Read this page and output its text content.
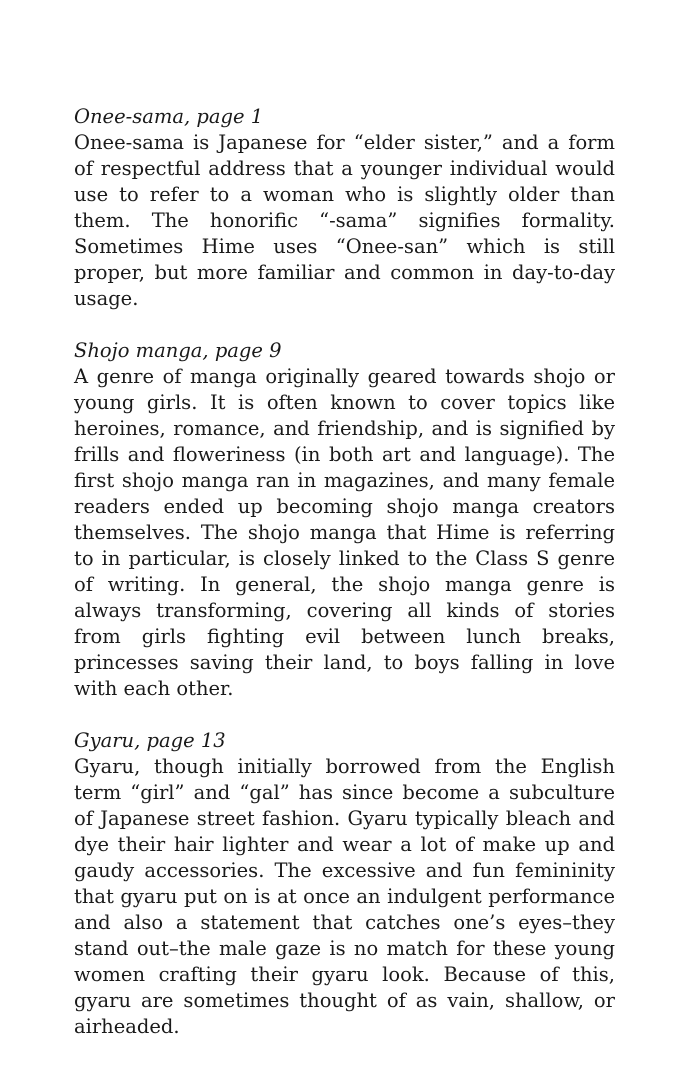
Onee-sama, page 1

Onee-sama is Japanese for “elder sister,” and a form of respectful address that a younger individual would use to refer to a woman who is slightly older than them. The honorific “-sama” signifies formality. Sometimes Hime uses “Onee-san” which is still proper, but more familiar and common in day-to-day usage.

Shojo manga, page 9

A genre of manga originally geared towards shojo or young girls. It is often known to cover topics like heroines, romance, and friendship, and is signified by frills and floweriness (in both art and language). The first shojo manga ran in magazines, and many female readers ended up becoming shojo manga creators themselves. The shojo manga that Hime is referring to in particular, is closely linked to the Class S genre of writing. In general, the shojo manga genre is always transforming, covering all kinds of stories from girls fighting evil between lunch breaks, princesses saving their land, to boys falling in love with each other.

Gyaru, page 13

Gyaru, though initially borrowed from the English term “girl” and “gal” has since become a subculture of Japanese street fashion. Gyaru typically bleach and dye their hair lighter and wear a lot of make up and gaudy accessories. The excessive and fun femininity that gyaru put on is at once an indulgent performance and also a statement that catches one’s eyes–they stand out–the male gaze is no match for these young women crafting their gyaru look. Because of this, gyaru are sometimes thought of as vain, shallow, or airheaded.
